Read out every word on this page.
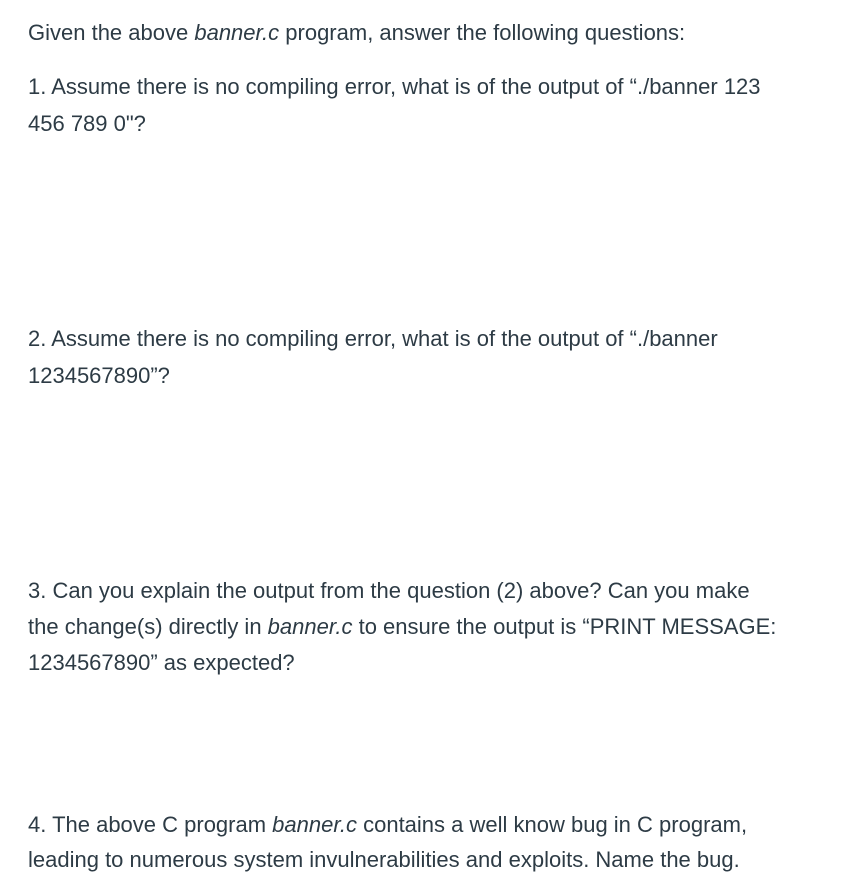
Given the above banner.c program, answer the following questions:
1. Assume there is no compiling error, what is of the output of “./banner 123
456 789 0"?
2. Assume there is no compiling error, what is of the output of “./banner
1234567890”?
3. Can you explain the output from the question (2) above? Can you make
the change(s) directly in banner.c to ensure the output is “PRINT MESSAGE:
1234567890” as expected?
4. The above C program banner.c contains a well know bug in C program,
leading to numerous system invulnerabilities and exploits. Name the bug.
